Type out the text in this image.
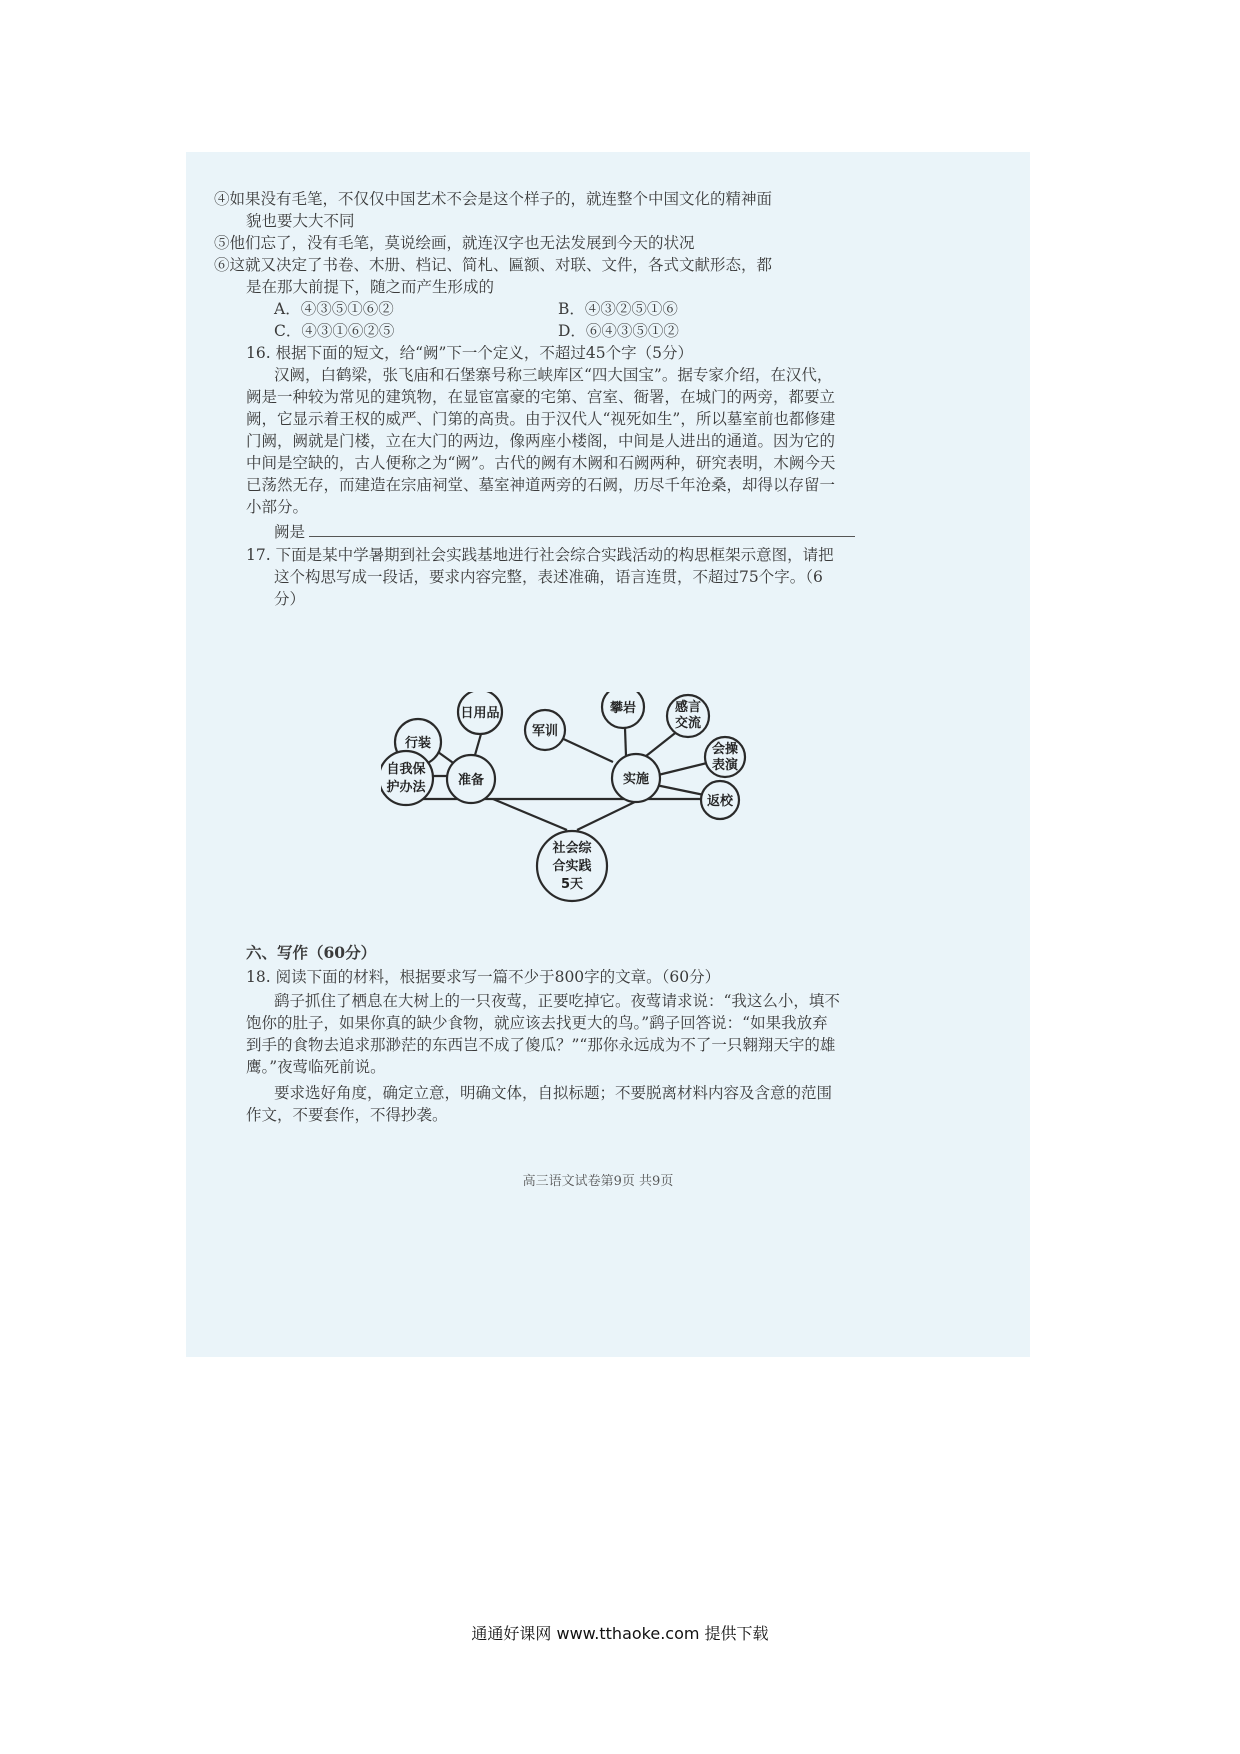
④如果没有毛笔，不仅仅中国艺术不会是这个样子的，就连整个中国文化的精神面
貌也要大大不同
⑤他们忘了，没有毛笔，莫说绘画，就连汉字也无法发展到今天的状况
⑥这就又决定了书卷、木册、档记、简札、匾额、对联、文件，各式文献形态，都
是在那大前提下，随之而产生形成的
A．④③⑤①⑥②	B．④③②⑤①⑥
C．④③①⑥②⑤	D．⑥④③⑤①②
16. 根据下面的短文，给“阙”下一个定义，不超过45个字（5分）
汉阙，白鹤梁，张飞庙和石堡寨号称三峡库区“四大国宝”。据专家介绍，在汉代，
阙是一种较为常见的建筑物，在显宦富豪的宅第、宫室、衙署，在城门的两旁，都要立
阙，它显示着王权的威严、门第的高贵。由于汉代人“视死如生”，所以墓室前也都修建
门阙，阙就是门楼，立在大门的两边，像两座小楼阁，中间是人进出的通道。因为它的
中间是空缺的，古人便称之为“阙”。古代的阙有木阙和石阙两种，研究表明，木阙今天
已荡然无存，而建造在宗庙祠堂、墓室神道两旁的石阙，历尽千年沧桑，却得以存留一
小部分。
阙是
17. 下面是某中学暑期到社会实践基地进行社会综合实践活动的构思框架示意图，请把
这个构思写成一段话，要求内容完整，表述准确，语言连贯，不超过75个字。（6
分）
社会综
合实践
5天
准备
日用品
行装
自我保
护办法
实施
军训
攀岩	感言
交流
会操
表演
返校
六、写作（60分）
18. 阅读下面的材料，根据要求写一篇不少于800字的文章。（60分）
鹞子抓住了栖息在大树上的一只夜莺，正要吃掉它。夜莺请求说：“我这么小，填不
饱你的肚子，如果你真的缺少食物，就应该去找更大的鸟。”鹞子回答说：“如果我放弃
到手的食物去追求那渺茫的东西岂不成了傻瓜？”“那你永远成为不了一只翱翔天宇的雄
鹰。”夜莺临死前说。
要求选好角度，确定立意，明确文体，自拟标题；不要脱离材料内容及含意的范围
作文，不要套作，不得抄袭。
高三语文试卷第9页 共9页
通通好课网 www.tthaoke.com 提供下载
